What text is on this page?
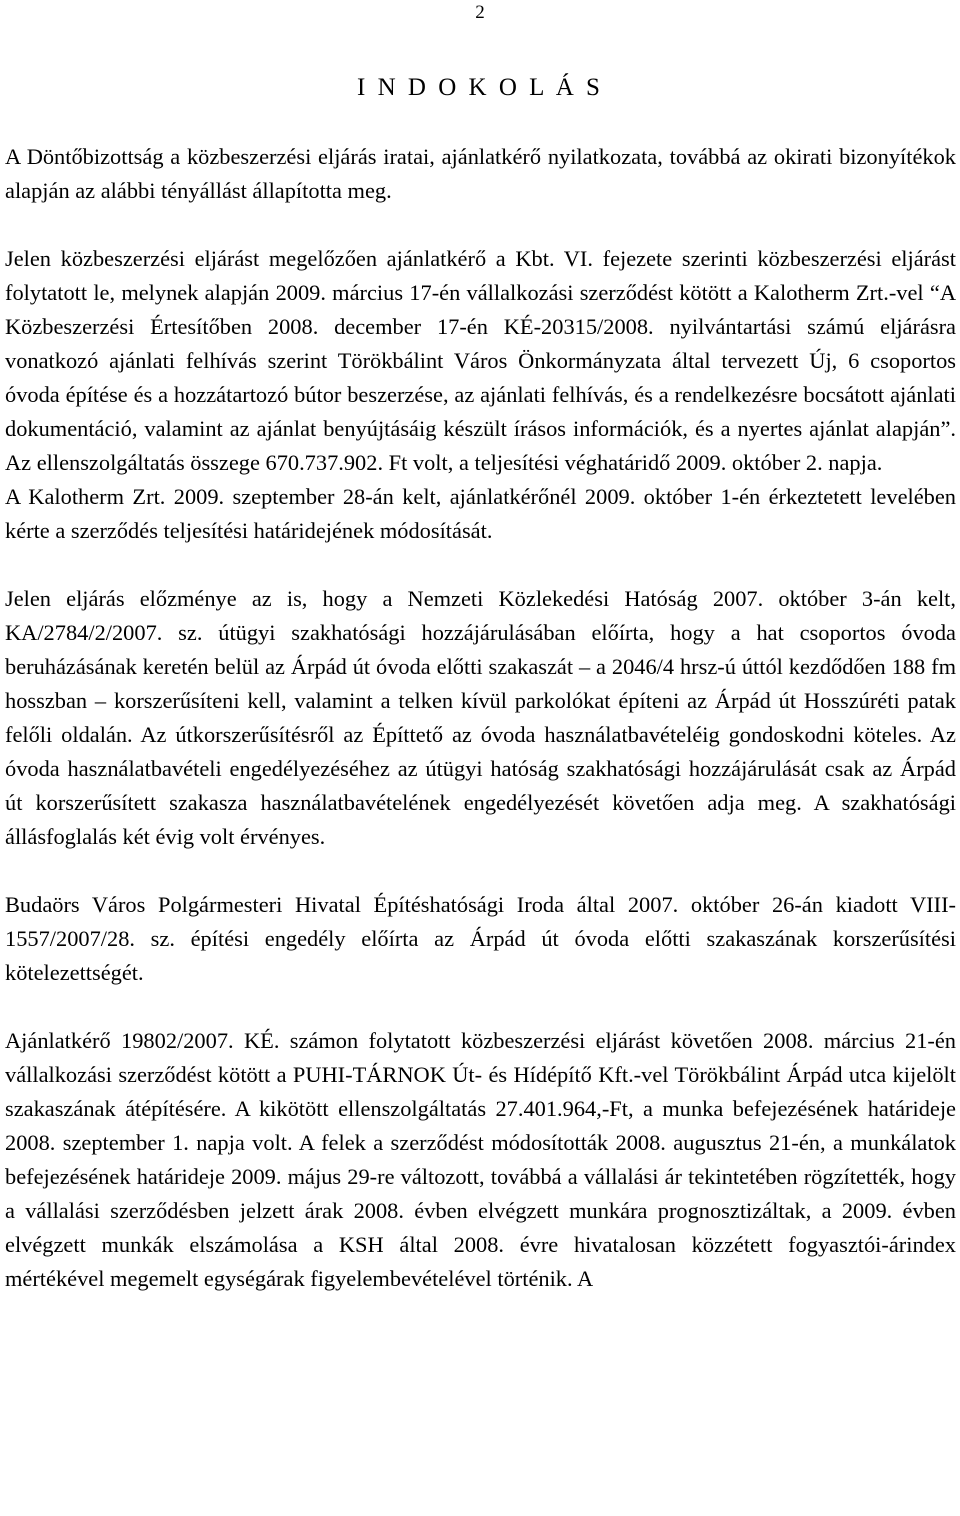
2
I N D O K O L Á S

A Döntőbizottság a közbeszerzési eljárás iratai, ajánlatkérő nyilatkozata, továbbá az okirati bizonyítékok alapján az alábbi tényállást állapította meg.

Jelen közbeszerzési eljárást megelőzően ajánlatkérő a Kbt. VI. fejezete szerinti közbeszerzési eljárást folytatott le, melynek alapján 2009. március 17-én vállalkozási szerződést kötött a Kalotherm Zrt.-vel “A Közbeszerzési Értesítőben 2008. december 17-én KÉ-20315/2008. nyilvántartási számú eljárásra vonatkozó ajánlati felhívás szerint Törökbálint Város Önkormányzata által tervezett Új, 6 csoportos óvoda építése és a hozzátartozó bútor beszerzése, az ajánlati felhívás, és a rendelkezésre bocsátott ajánlati dokumentáció, valamint az ajánlat benyújtásáig készült írásos információk, és a nyertes ajánlat alapján”. Az ellenszolgáltatás összege 670.737.902. Ft volt, a teljesítési véghatáridő 2009. október 2. napja.

A Kalotherm Zrt. 2009. szeptember 28-án kelt, ajánlatkérőnél 2009. október 1-én érkeztetett levelében kérte a szerződés teljesítési határidejének módosítását.

Jelen eljárás előzménye az is, hogy a Nemzeti Közlekedési Hatóság 2007. október 3-án kelt, KA/2784/2/2007. sz. útügyi szakhatósági hozzájárulásában előírta, hogy a hat csoportos óvoda beruházásának keretén belül az Árpád út óvoda előtti szakaszát – a 2046/4 hrsz-ú úttól kezdődően 188 fm hosszban – korszerűsíteni kell, valamint a telken kívül parkolókat építeni az Árpád út Hosszúréti patak felőli oldalán. Az útkorszerűsítésről az Építtető az óvoda használatbavételéig gondoskodni köteles. Az óvoda használatbavételi engedélyezéséhez az útügyi hatóság szakhatósági hozzájárulását csak az Árpád út korszerűsített szakasza használatbavételének engedélyezését követően adja meg. A szakhatósági állásfoglalás két évig volt érvényes.

Budaörs Város Polgármesteri Hivatal Építéshatósági Iroda által 2007. október 26-án kiadott VIII-1557/2007/28. sz. építési engedély előírta az Árpád út óvoda előtti szakaszának korszerűsítési kötelezettségét.

Ajánlatkérő 19802/2007. KÉ. számon folytatott közbeszerzési eljárást követően 2008. március 21-én vállalkozási szerződést kötött a PUHI-TÁRNOK Út- és Hídépítő Kft.-vel Törökbálint Árpád utca kijelölt szakaszának átépítésére. A kikötött ellenszolgáltatás 27.401.964,-Ft, a munka befejezésének határideje 2008. szeptember 1. napja volt. A felek a szerződést módosították 2008. augusztus 21-én, a munkálatok befejezésének határideje 2009. május 29-re változott, továbbá a vállalási ár tekintetében rögzítették, hogy a vállalási szerződésben jelzett árak 2008. évben elvégzett munkára prognosztizáltak, a 2009. évben elvégzett munkák elszámolása a KSH által 2008. évre hivatalosan közzétett fogyasztói-árindex mértékével megemelt egységárak figyelembevételével történik. A
